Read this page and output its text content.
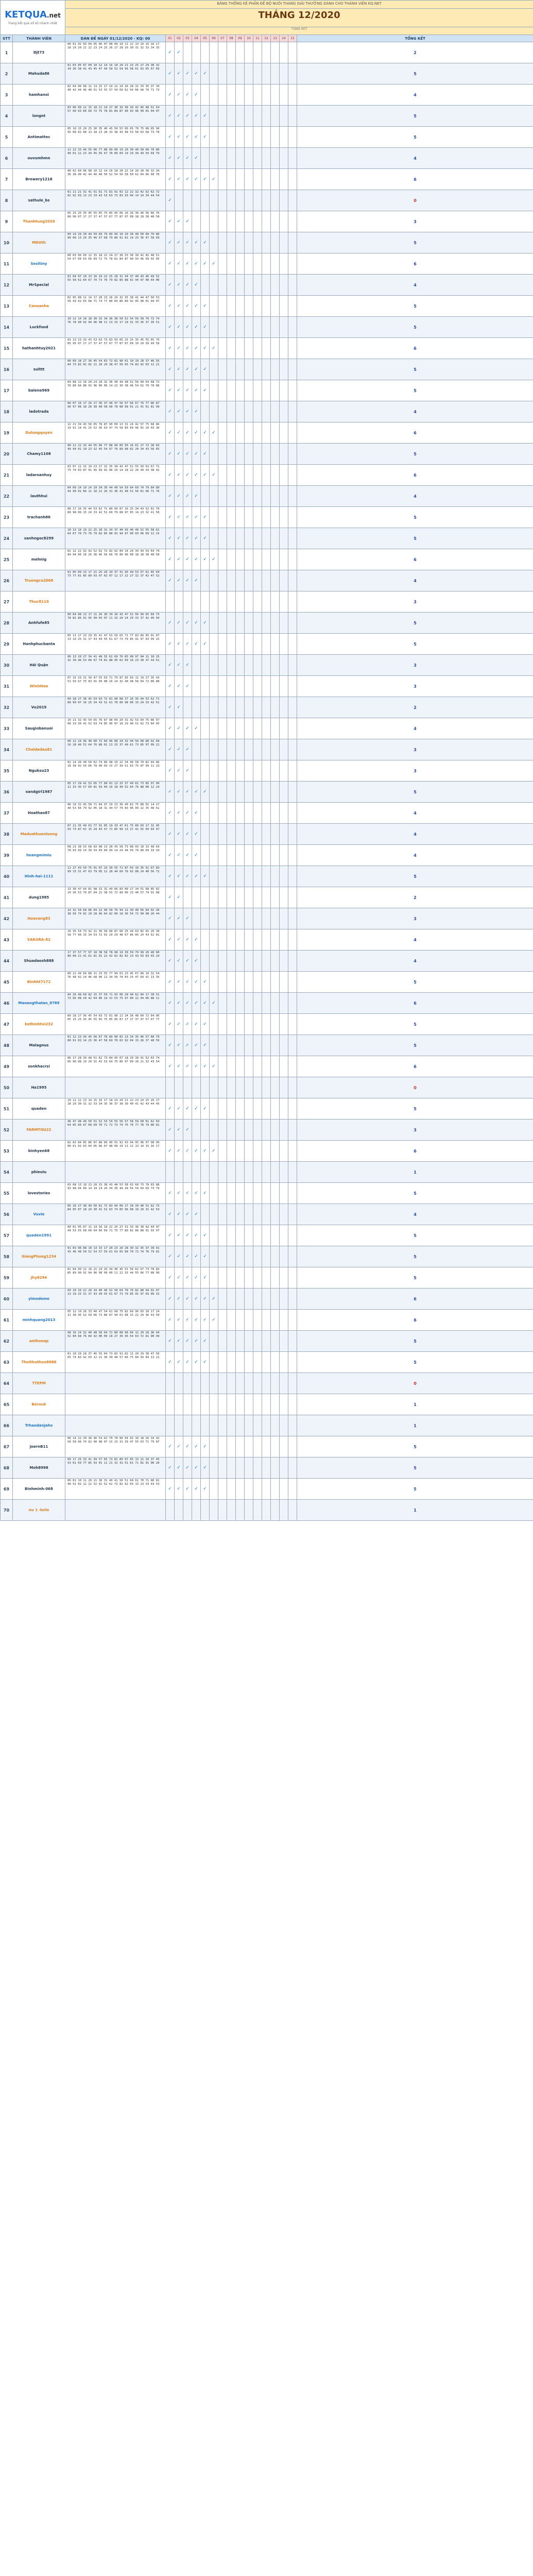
KETQUA.net
Trang kết quả xổ số nhanh nhất		BẢNG THỐNG KÊ PHẦN ĐỀ BỘ NUÔI THÁNG GIẢI THƯỞNG DÀNH CHO THÀNH VIÊN KQ.NET																
		THÁNG 12/2020																
		TỔNG KẾT																
STT	THÀNH VIÊN	DÀN ĐỀ NGÀY 01/12/2020 - KQ: 00	01	02	03	04	05	06	07	08	09	10	11	12	13	14	15	TỔNG KẾT
1	Djt73	00 01 02 03 04 05 06 07 08 09 10 11 12 13 14 15 16 17 18 19 20 21 22 23 24 25 26 27 28 29 30 31 32 33 34 35	✓	✓														2
2	Mahuda86	01 03 05 07 09 10 12 14 16 18 20 21 23 25 27 29 30 32 34 36 38 41 43 45 47 49 50 52 54 56 58 61 63 65 67 69	✓	✓	✓	✓	✓											5
3	hamhanoi	02 04 06 08 11 13 15 17 19 22 24 26 28 31 33 35 37 39 40 42 44 46 48 51 53 55 57 59 60 62 64 66 68 70 71 73	✓	✓	✓	✓												4
4	longnt	03 06 09 12 15 18 21 24 27 30 33 36 39 42 45 48 51 54 57 60 63 66 69 72 75 78 81 84 87 90 93 96 99 01 04 07	✓	✓	✓	✓	✓											5
5	Antimattec	05 10 15 20 25 30 35 40 45 50 55 60 65 70 75 80 85 90 95 00 02 08 13 18 23 28 33 38 43 48 53 58 63 68 73 78	✓	✓	✓	✓	✓											5
6	ouvumhmn	11 22 33 44 55 66 77 88 99 00 10 20 30 40 50 60 70 80 90 01 12 23 34 45 56 67 78 89 09 19 29 39 49 59 69 79	✓	✓	✓	✓												4
7	Brewery1218	00 02 04 06 08 10 12 14 16 18 20 22 24 26 28 30 32 34 36 38 40 42 44 46 48 50 52 54 56 58 60 62 64 66 68 70	✓	✓	✓	✓	✓	✓										6
8	sathule_bs	01 11 21 31 41 51 61 71 81 91 02 12 22 32 42 52 62 72 82 92 03 13 23 33 43 53 63 73 83 93 04 14 24 34 44 54	✓															0
9	Thanhtung2020	05 15 25 35 45 55 65 75 85 95 06 16 26 36 46 56 66 76 86 96 07 17 27 37 47 57 67 77 87 97 08 18 28 38 48 58	✓	✓	✓													3
10	MDUth	09 19 29 39 49 59 69 79 89 99 10 20 30 40 50 60 70 80 90 00 13 24 35 46 57 68 79 80 91 02 14 25 36 47 58 69	✓	✓	✓	✓	✓											5
11	Sexltiny	00 03 06 09 12 15 18 21 24 27 30 33 36 39 42 45 48 51 54 57 60 63 66 69 72 75 78 81 84 87 90 93 96 99 02 05	✓	✓	✓	✓	✓	✓										6
12	MrSpecial	01 04 07 10 13 16 19 22 25 28 31 34 37 40 43 46 49 52 55 58 61 64 67 70 73 76 79 82 85 88 91 94 97 00 03 06	✓	✓	✓	✓												4
13	Canoanha	02 05 08 11 14 17 20 23 26 29 32 35 38 41 44 47 50 53 56 59 62 65 68 71 74 77 80 83 86 89 92 95 98 01 04 07	✓	✓	✓	✓	✓											5
14	Luckfood	10 12 14 16 18 30 32 34 36 38 50 52 54 56 58 70 72 74 76 78 90 92 94 96 98 11 13 15 17 19 31 33 35 37 39 51	✓	✓	✓	✓	✓											5
15	hathanhtuy2021	03 13 23 33 43 53 63 73 83 93 05 15 25 35 45 55 65 75 85 95 07 17 27 37 47 57 67 77 87 97 09 19 29 39 49 59	✓	✓	✓	✓	✓	✓										6
16	sulttt	00 09 18 27 36 45 54 63 72 81 90 01 10 19 28 37 46 55 64 73 82 91 02 11 20 29 38 47 56 65 74 83 92 03 12 21	✓	✓	✓	✓	✓											5
17	balene969	04 08 12 16 20 24 28 32 36 40 44 48 52 56 60 64 68 72 76 80 84 88 92 96 00 06 14 22 30 38 46 54 62 70 78 86	✓	✓	✓	✓	✓											5
18	ladotrada	06 07 16 17 26 27 36 37 46 47 56 57 66 67 76 77 86 87 96 97 08 18 28 38 48 58 68 78 88 98 01 21 41 61 81 99	✓	✓	✓	✓												4
19	Dulungquyen	12 21 34 43 56 65 78 87 90 09 13 31 24 42 57 75 68 86 19 91 14 41 25 52 36 63 47 74 58 85 69 96 02 20 03 30	✓	✓	✓	✓	✓	✓										6
20	Chamy1108	00 11 22 33 44 55 66 77 88 99 05 50 16 61 27 72 38 83 49 94 01 10 23 32 45 54 67 76 89 98 02 20 34 43 56 65	✓	✓	✓	✓	✓											5
21	ladaroanhuy	03 07 11 15 19 23 27 31 35 39 43 47 51 55 59 63 67 71 75 79 83 87 91 95 99 02 06 10 14 18 22 26 30 34 38 42	✓	✓	✓	✓	✓	✓										6
22	lauthhui	04 09 14 19 24 29 34 39 44 49 54 59 64 69 74 79 84 89 94 99 01 06 11 16 21 26 31 36 41 46 51 56 61 66 71 76	✓	✓	✓	✓												4
23	trachanh86	08 17 26 35 44 53 62 71 80 99 07 16 25 34 43 52 61 70 89 98 06 15 24 33 42 51 60 79 88 97 05 14 23 32 41 50	✓	✓	✓	✓	✓											5
24	sanhngoc8299	10 13 16 19 22 25 28 31 34 37 40 43 46 49 52 55 58 61 64 67 70 73 76 79 82 85 88 91 94 97 00 03 06 09 12 15	✓	✓	✓	✓	✓											5
25	mehnig	02 12 22 32 42 52 62 72 82 92 04 14 24 34 44 54 64 74 84 94 06 16 26 36 46 56 66 76 86 96 08 18 28 38 48 58	✓	✓	✓	✓	✓	✓										6
26	Truongcu2008	01 05 09 13 17 21 25 29 33 37 41 45 49 53 57 61 65 69 73 77 81 85 89 93 97 02 07 12 17 22 27 32 37 42 47 52	✓	✓	✓	✓												4
27	Thuc8119																	3
28	Anhfufe85	00 04 08 13 17 21 26 30 34 39 43 47 52 56 60 65 69 73 78 82 86 91 95 99 03 07 11 16 20 24 29 33 37 42 46 50	✓	✓	✓	✓	✓											5
29	Hanhphucbanta	05 11 17 23 29 35 41 47 53 59 65 71 77 83 89 95 01 07 13 19 25 31 37 43 49 55 61 67 73 79 85 91 97 03 09 15	✓	✓	✓	✓	✓											5
30	Hải Quận	06 13 20 27 34 41 48 55 62 69 76 83 90 97 04 11 18 25 32 39 46 53 60 67 74 81 88 95 02 09 16 23 30 37 44 51	✓	✓	✓													3
31	WinhHoa	07 15 23 31 39 47 55 63 71 79 87 95 03 11 19 27 35 43 51 59 67 75 83 91 99 08 16 24 32 40 48 56 64 72 80 88	✓	✓	✓													3
32	Vu2019	09 18 27 36 45 54 63 72 81 90 08 17 26 35 44 53 62 71 80 99 07 16 25 34 43 52 61 70 89 98 06 15 24 33 42 51	✓	✓														2
33	Saugiobanuoi	10 21 32 43 54 65 76 87 98 09 20 31 42 53 64 75 86 97 08 19 30 41 52 63 74 85 96 07 18 29 40 51 62 73 84 95	✓	✓	✓	✓												4
34	Chaldadau81	00 12 24 36 48 60 72 84 96 08 20 32 44 56 68 80 92 04 16 28 40 52 64 76 88 01 13 25 37 49 61 73 85 97 09 21	✓	✓	✓													3
35	Nguksu23	02 14 26 38 50 62 74 86 98 10 22 34 46 58 70 82 94 06 18 30 42 54 66 78 90 03 15 27 39 51 63 75 87 99 11 23	✓	✓	✓													3
36	xandgirl1987	05 17 29 41 53 65 77 89 01 13 25 37 49 61 73 85 97 09 21 33 45 57 69 81 93 04 16 28 40 52 64 76 88 00 12 24	✓	✓	✓	✓	✓											5
37	Hoathao87	06 19 32 45 58 71 84 97 10 23 36 49 62 75 88 01 14 27 40 53 66 79 92 05 18 31 44 57 70 83 96 09 22 35 48 61	✓	✓	✓	✓												4
38	Maduathuonluong	07 21 35 49 63 77 91 05 19 33 47 61 75 89 03 17 31 45 59 73 87 01 15 29 43 57 71 85 99 13 27 41 55 69 83 97	✓	✓	✓	✓												4
39	heangmimiu	08 23 38 53 68 83 98 13 28 43 58 73 88 03 18 33 48 63 78 93 09 24 39 54 69 84 99 14 29 44 59 74 89 04 19 34	✓	✓	✓	✓												4
40	Hinh-hai-1111	11 27 43 59 75 91 07 23 39 55 71 87 03 19 35 51 67 83 99 15 31 47 63 79 95 12 28 44 60 76 92 08 24 40 56 72	✓	✓	✓	✓	✓											5
41	dung1985	13 30 47 64 81 98 15 32 49 66 83 00 17 34 51 68 85 02 19 36 53 70 87 04 21 38 55 72 89 06 23 40 57 74 91 08	✓	✓														2
42	Hoavang83	14 32 50 68 86 04 22 40 58 76 94 12 30 48 66 84 02 20 38 56 74 92 10 28 46 64 82 00 18 36 54 72 90 08 26 44	✓	✓	✓													3
43	SAKURA-82	16 35 54 73 92 11 30 49 68 87 06 25 44 63 82 01 20 39 58 77 96 15 34 53 72 91 10 29 48 67 86 05 24 43 62 81	✓	✓	✓	✓												4
44	Shuadaosh888	17 37 57 77 97 18 38 58 78 98 19 39 59 79 99 20 40 60 80 00 21 41 61 81 01 22 42 62 82 02 23 43 63 83 03 24	✓	✓	✓	✓												4
45	Binhht7172	00 22 44 66 88 11 33 55 77 99 01 23 45 67 89 10 32 54 76 98 02 24 46 68 90 12 34 56 78 03 25 47 69 91 13 35	✓	✓	✓	✓	✓											5
46	Maoangthatao_8789	04 26 48 60 82 15 37 59 71 93 06 28 40 62 84 17 39 51 73 95 08 20 42 64 86 19 31 53 75 97 00 22 44 66 88 11	✓	✓	✓	✓	✓	✓										6
47	ksthinhtoi232	09 18 27 36 45 54 63 72 81 90 12 24 36 48 60 72 84 96 05 15 25 35 45 55 65 75 85 95 07 17 27 37 47 57 67 77	✓	✓	✓	✓	✓											5
48	Malagnus	01 12 23 34 45 56 67 78 89 90 02 13 24 35 46 57 68 79 80 91 03 14 25 36 47 58 69 70 81 92 04 15 26 37 48 59	✓	✓	✓	✓	✓											5
49	sonkhacrsi	06 17 28 39 40 51 62 73 84 95 07 18 29 30 41 52 63 74 85 96 08 19 20 31 42 53 64 75 86 97 09 10 21 32 43 54	✓	✓	✓	✓	✓	✓										6
50	Ha1995																	0
51	quaden	10 11 12 13 14 15 16 17 18 19 20 21 22 23 24 25 26 27 28 29 30 31 32 33 34 35 36 37 38 39 40 41 42 43 44 45	✓	✓	✓	✓	✓											5
52	FARMTOU22	46 47 48 49 50 51 52 53 54 55 56 57 58 59 60 61 62 63 64 65 66 67 68 69 70 71 72 73 74 75 76 77 78 79 80 81	✓	✓	✓													3
53	binhyen68	82 83 84 85 86 87 88 89 90 91 92 93 94 95 96 97 98 99 00 01 02 03 04 05 06 07 08 09 10 11 12 13 14 15 16 17	✓	✓	✓	✓	✓	✓										6
54	phieuiu																	1
55	lovestories	03 08 13 18 23 28 33 38 43 48 53 58 63 68 73 78 83 88 93 98 04 09 14 19 24 29 34 39 44 49 54 59 64 69 74 79	✓	✓	✓	✓	✓											5
56	Vuvie	05 16 27 38 49 50 61 72 83 94 06 17 28 39 40 51 62 73 84 95 07 18 29 30 41 52 63 74 85 96 08 19 20 31 42 53	✓	✓	✓	✓												4
57	quaden1991	00 02 05 07 11 14 16 19 22 25 27 31 33 36 38 42 44 47 49 53 55 58 60 64 66 69 71 75 77 80 82 86 88 91 93 97	✓	✓	✓	✓	✓											5
58	GiangPhong1234	01 03 06 08 10 13 15 17 20 23 26 28 30 32 35 37 39 41 43 46 48 50 52 54 57 59 61 63 65 68 70 72 74 76 79 81	✓	✓	✓	✓	✓											5
59	Jhy8294	02 04 09 12 18 21 24 29 34 40 45 51 56 62 67 73 78 83 85 89 90 92 94 96 98 99 00 11 22 33 44 55 66 77 88 99	✓	✓	✓	✓	✓											5
60	yimodeme	04 10 16 22 28 34 40 46 52 58 64 70 76 82 88 94 01 07 13 19 25 31 37 43 49 55 61 67 73 79 85 91 97 03 09 15	✓	✓	✓	✓	✓	✓										6
61	minhquang2013	05 12 19 26 33 40 47 54 61 68 75 82 89 96 03 10 17 24 31 38 45 52 59 66 73 80 87 94 01 08 15 22 29 36 43 50	✓	✓	✓	✓	✓	✓										6
62	anthonap	08 16 24 32 40 48 56 64 72 80 88 96 04 12 20 28 36 44 52 60 68 76 84 92 00 09 18 27 36 45 54 63 72 81 90 99	✓	✓	✓	✓	✓											5
63	Thoithuthuo8888	01 10 19 28 37 46 55 64 73 82 91 02 11 20 29 38 47 56 65 74 83 92 03 12 21 30 39 48 57 66 75 84 93 04 13 22	✓	✓	✓	✓	✓											5
64	TTEPM																	0
65	Berouk																	1
66	Trhaodanjaho																	1
67	joernB11	06 14 22 30 38 46 54 62 70 78 86 94 02 10 18 26 34 42 50 58 66 74 82 90 98 07 15 23 31 39 47 55 63 71 79 87	✓	✓	✓	✓	✓											5
68	Moh8998	09 17 25 33 41 49 57 65 73 81 89 97 05 13 21 29 37 45 53 61 69 77 85 93 01 11 21 31 41 51 61 71 81 91 00 20	✓	✓	✓	✓	✓											5
69	Binhminh-068	00 01 10 11 20 21 30 31 40 41 50 51 60 61 70 71 80 81 90 91 02 12 22 32 42 52 62 72 82 92 03 13 23 33 43 53	✓	✓	✓	✓	✓											5
70	nu 1 -bolo																	1
